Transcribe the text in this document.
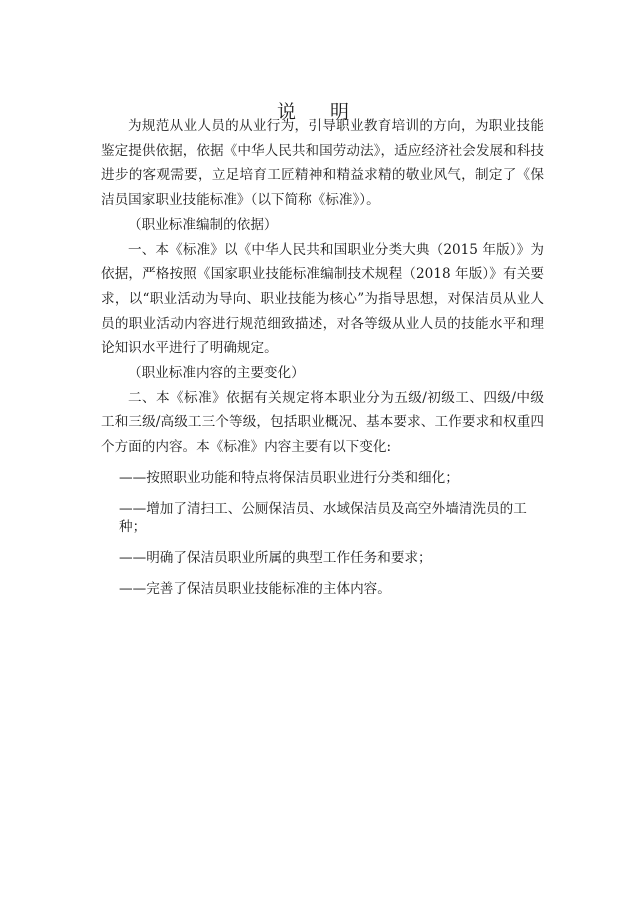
说 明

为规范从业人员的从业行为，引导职业教育培训的方向，为职业技能鉴定提供依据，依据《中华人民共和国劳动法》，适应经济社会发展和科技进步的客观需要，立足培育工匠精神和精益求精的敬业风气，制定了《保洁员国家职业技能标准》（以下简称《标准》）。

（职业标准编制的依据）

一、本《标准》以《中华人民共和国职业分类大典（2015 年版）》为依据，严格按照《国家职业技能标准编制技术规程（2018 年版）》有关要求，以“职业活动为导向、职业技能为核心”为指导思想，对保洁员从业人员的职业活动内容进行规范细致描述，对各等级从业人员的技能水平和理论知识水平进行了明确规定。

（职业标准内容的主要变化）

二、本《标准》依据有关规定将本职业分为五级/初级工、四级/中级工和三级/高级工三个等级，包括职业概况、基本要求、工作要求和权重四个方面的内容。本《标准》内容主要有以下变化:

——按照职业功能和特点将保洁员职业进行分类和细化；

——增加了清扫工、公厕保洁员、水域保洁员及高空外墙清洗员的工种；

——明确了保洁员职业所属的典型工作任务和要求；

——完善了保洁员职业技能标准的主体内容。
